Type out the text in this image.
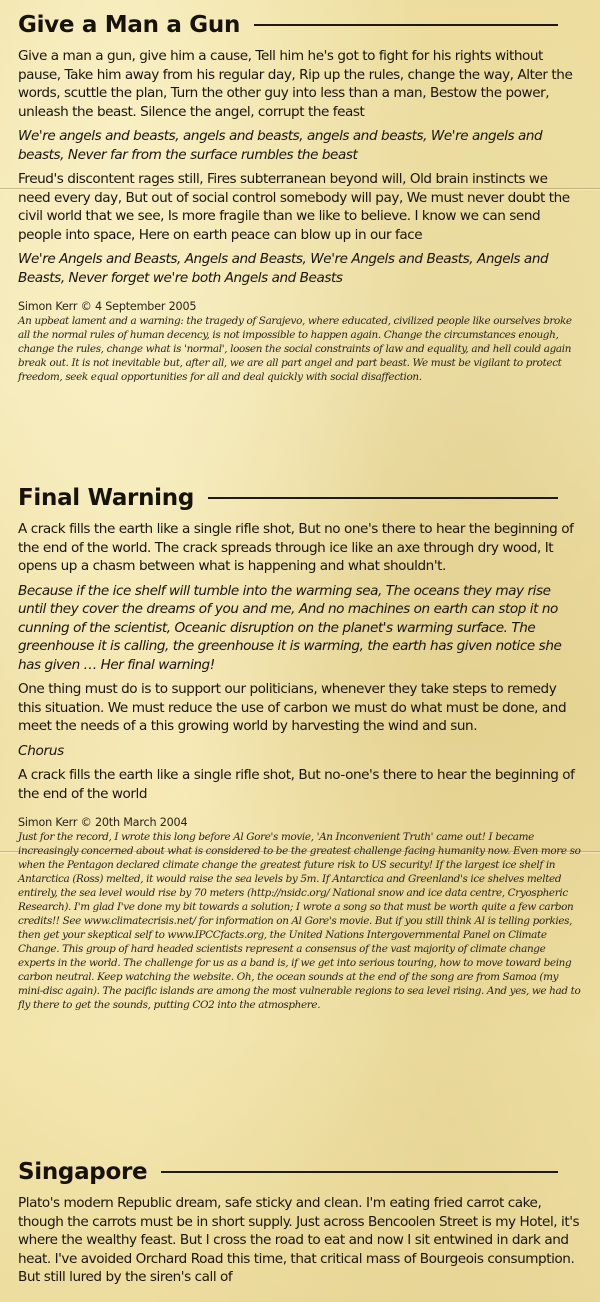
Give a Man a Gun

Give a man a gun, give him a cause, Tell him he's got to fight for his rights without pause, Take him away from his regular day, Rip up the rules, change the way, Alter the words, scuttle the plan, Turn the other guy into less than a man, Bestow the power, unleash the beast. Silence the angel, corrupt the feast

We're angels and beasts, angels and beasts, angels and beasts, We're angels and beasts, Never far from the surface rumbles the beast

Freud's discontent rages still, Fires subterranean beyond will, Old brain instincts we need every day, But out of social control somebody will pay, We must never doubt the civil world that we see, Is more fragile than we like to believe. I know we can send people into space, Here on earth peace can blow up in our face

We're Angels and Beasts, Angels and Beasts, We're Angels and Beasts, Angels and Beasts, Never forget we're both Angels and Beasts

Simon Kerr © 4 September 2005

An upbeat lament and a warning: the tragedy of Sarajevo, where educated, civilized people like ourselves broke all the normal rules of human decency, is not impossible to happen again. Change the circumstances enough, change the rules, change what is 'normal', loosen the social constraints of law and equality, and hell could again break out. It is not inevitable but, after all, we are all part angel and part beast. We must be vigilant to protect freedom, seek equal opportunities for all and deal quickly with social disaffection.

Final Warning

A crack fills the earth like a single rifle shot, But no one's there to hear the beginning of the end of the world. The crack spreads through ice like an axe through dry wood, It opens up a chasm between what is happening and what shouldn't.

Because if the ice shelf will tumble into the warming sea, The oceans they may rise until they cover the dreams of you and me, And no machines on earth can stop it no cunning of the scientist, Oceanic disruption on the planet's warming surface. The greenhouse it is calling, the greenhouse it is warming, the earth has given notice she has given … Her final warning!

One thing must do is to support our politicians, whenever they take steps to remedy this situation. We must reduce the use of carbon we must do what must be done, and meet the needs of a this growing world by harvesting the wind and sun.

Chorus

A crack fills the earth like a single rifle shot, But no-one's there to hear the beginning of the end of the world

Simon Kerr © 20th March 2004

Just for the record, I wrote this long before Al Gore's movie, 'An Inconvenient Truth' came out! I became increasingly concerned about what is considered to be the greatest challenge facing humanity now. Even more so when the Pentagon declared climate change the greatest future risk to US security! If the largest ice shelf in Antarctica (Ross) melted, it would raise the sea levels by 5m. If Antarctica and Greenland's ice shelves melted entirely, the sea level would rise by 70 meters (http://nsidc.org/ National snow and ice data centre, Cryospheric Research). I'm glad I've done my bit towards a solution; I wrote a song so that must be worth quite a few carbon credits!! See www.climatecrisis.net/ for information on Al Gore's movie. But if you still think Al is telling porkies, then get your skeptical self to www.IPCCfacts.org, the United Nations Intergovernmental Panel on Climate Change. This group of hard headed scientists represent a consensus of the vast majority of climate change experts in the world. The challenge for us as a band is, if we get into serious touring, how to move toward being carbon neutral. Keep watching the website. Oh, the ocean sounds at the end of the song are from Samoa (my mini-disc again). The pacific islands are among the most vulnerable regions to sea level rising. And yes, we had to fly there to get the sounds, putting CO2 into the atmosphere.

Singapore

Plato's modern Republic dream, safe sticky and clean. I'm eating fried carrot cake, though the carrots must be in short supply. Just across Bencoolen Street is my Hotel, it's where the wealthy feast. But I cross the road to eat and now I sit entwined in dark and heat. I've avoided Orchard Road this time, that critical mass of Bourgeois consumption. But still lured by the siren's call of
